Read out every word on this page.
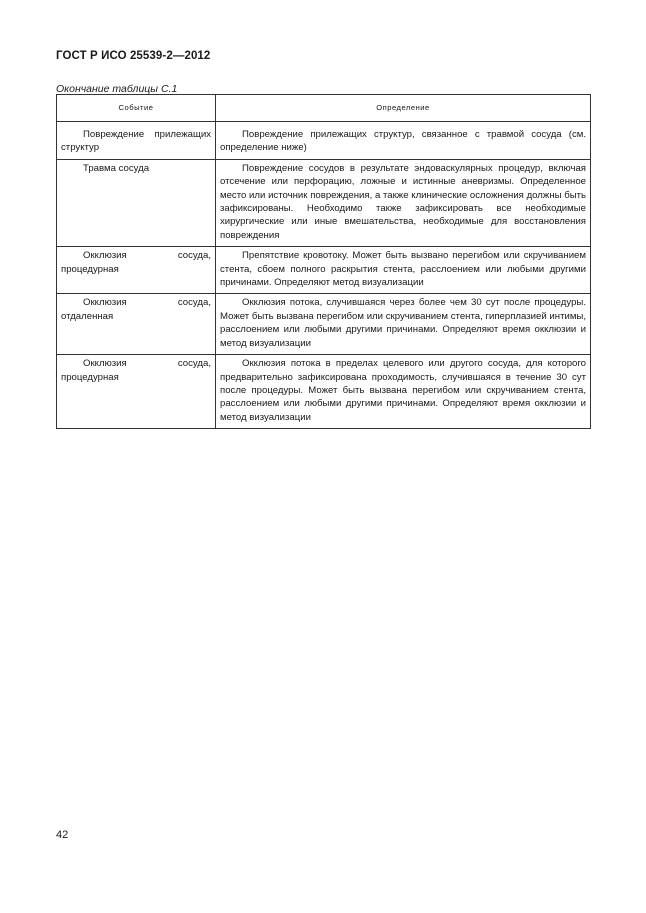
ГОСТ Р ИСО 25539-2—2012
Окончание таблицы С.1
Событие	Определение

Повреждение прилежащих структур	Повреждение прилежащих структур, связанное с травмой сосуда (см. определение ниже)

Травма сосуда	Повреждение сосудов в результате эндоваскулярных процедур, включая отсечение или перфорацию, ложные и истинные аневризмы. Определенное место или источник повреждения, а также клинические осложнения должны быть зафиксированы. Необходимо также зафиксировать все необходимые хирургические или иные вмешательства, необходимые для восстановления повреждения

Окклюзия сосуда, процедурная	Препятствие кровотоку. Может быть вызвано перегибом или скручиванием стента, сбоем полного раскрытия стента, расслоением или любыми другими причинами. Определяют метод визуализации

Окклюзия сосуда, отдаленная	Окклюзия потока, случившаяся через более чем 30 сут после процедуры. Может быть вызвана перегибом или скручиванием стента, гиперплазией интимы, расслоением или любыми другими причинами. Определяют время окклюзии и метод визуализации

Окклюзия сосуда, процедурная	Окклюзия потока в пределах целевого или другого сосуда, для которого предварительно зафиксирована проходимость, случившаяся в течение 30 сут после процедуры. Может быть вызвана перегибом или скручиванием стента, расслоением или любыми другими причинами. Определяют время окклюзии и метод визуализации
42
